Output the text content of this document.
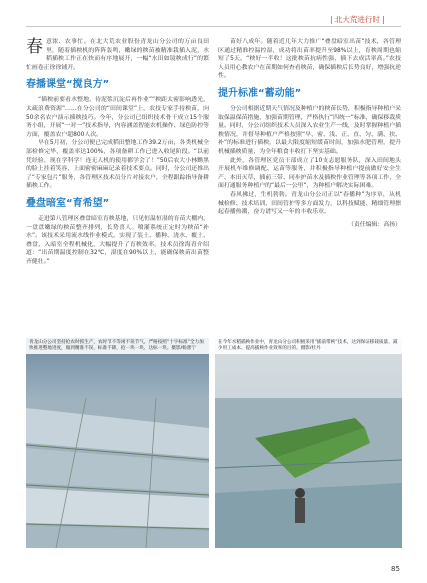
| 北大荒进行时 |

春意浓、农事忙。在北大荒农业股份青龙山分公司的万亩良田里，随着插秧机的阵阵轰鸣，嫩绿的秧苗被精准栽插入泥，水稻插秧工作正在快而有序地展开，一幅“水田如镜秧成行”的繁忙画卷正徐徐铺开。

春播课堂“搅良方”

“插秧前要看水整地，待泥浆沉淀后再作业”“秧距太密影响透光，太疏浪费资源”……在分公司的“田间课堂”上，农技专家手持秧苗，向50余名农户演示插秧技巧。今年，分公司已组织技术骨干成立15个服务小组，开展“一对一”技术指导，内容涵盖智能农机操作、绿色防控等方面，覆盖农户超800人次。

早在5月初，分公司便已完成稻田整地工作39.2万亩，各类机械全部检修完毕，覆盖率达100%，各项备耕工作已进入收尾阶段。“以前凭经验，现在学科学！连无人机的使用都学会了！”50后农大小林黝黑的脸上挂着笑容，上面密密麻麻记录着技术要点。同时，分公司还推出了“专家包片”服务，各管理区技术员分片对接农户，全程跟踪指导备耕插秧工作。

叠盘暗室“育希望”

走进第八管理区叠盘暗室育秧基地，只见恒温恒湿的育苗大棚内，一盘盘嫩绿的秧苗整齐排列，长势喜人。喷灌系统正定时为秧苗“补水”。该技术采用流水线作业模式，实现了装土、播种、浇水、覆土、叠盘、入暗室全程机械化，大幅提升了育秧效率。技术员徐海青介绍道：“出苗期温度控制在32℃，湿度在90%以上，能确保秧苗出苗整齐健壮。”

苗好八成年。随着近几年大力推广“叠盘暗室出苗”技术，各管理区通过精准控温控湿，成功将出苗率提升至98%以上，育秧周期也缩短了5天。“秧好一半收！这批秧苗抗病性强，插下去成活率高。”农技人员用心教农户在苗期如何查看秧苗，确保插秧后长势良好，增强抗逆性。

提升标准“蓄动能”

分公司根据近期天气情况及种植户的秧苗长势，积极指导种植户采取保温保苗措施，加强苗期管理，严格执行“四统一”标准，确保移栽质量。同时，分公司组织技术人员深入农业生产一线，及时掌握种植户插秧情况，并督导种植户严格按照“早、密、浅、正、直、匀、满、扶、补”的标准进行插秧，以最大限度缩短缓苗时间，加强水肥管理，提升机械插秧质量，为全年粮食丰收打下坚实基础。

此外，各管理区党员干部成立了10支志愿服务队，深入田间地头开展机车维修调配、运苗等服务，并积极指导种植户提前做好安全生产、本田灭草、插前三带、同步护苗水及插秧作业管理等各项工作，全面打通服务种植户的“最后一公里”，为种植户解决实际困难。

春风拂过，生机勃勃。青龙山分公司正以“春播种”为序章，从机械检修、技术培训、田间管护等多方面发力，以科技赋能、精细管理擦起春播热潮，奋力谱写又一年的丰收乐章。

（责任编辑：高扬）
青龙山分公司坚持抢农时抓生产，农时节不等闲不误节气，严格按照“十字标准”全力加快推进整地进度，做到精准不误，标准不降，抢一块一块、达标一块。摄影/杨蕾宁
在今年水稻插秧作业中，青龙山分公司积极采用“插前带秧”技术，达到保证移栽质量、减少用工成本、提高插秧作业效率的目的。摄影/杜丹
85
